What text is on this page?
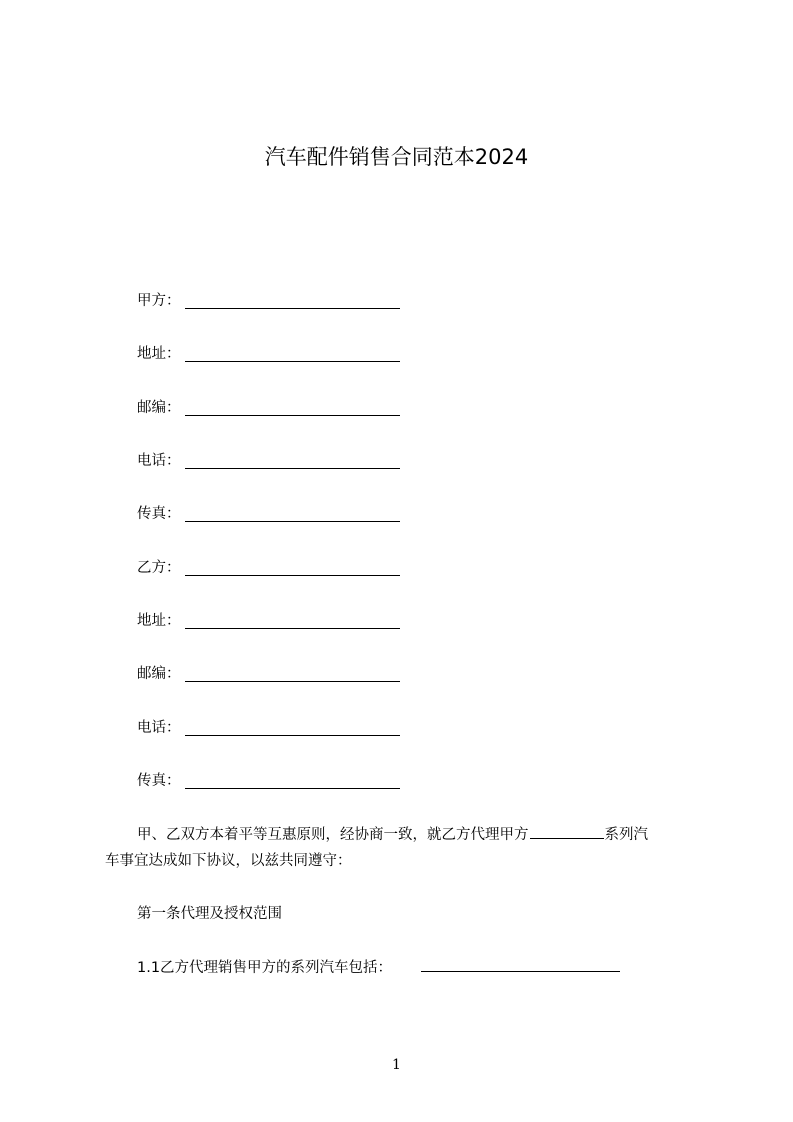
汽车配件销售合同范本2024
甲方：
地址：
邮编：
电话：
传真：
乙方：
地址：
邮编：
电话：
传真：
甲、乙双方本着平等互惠原则，经协商一致，就乙方代理甲方	系列汽
车事宜达成如下协议，以兹共同遵守：
第一条代理及授权范围
1.1乙方代理销售甲方的系列汽车包括：
1
